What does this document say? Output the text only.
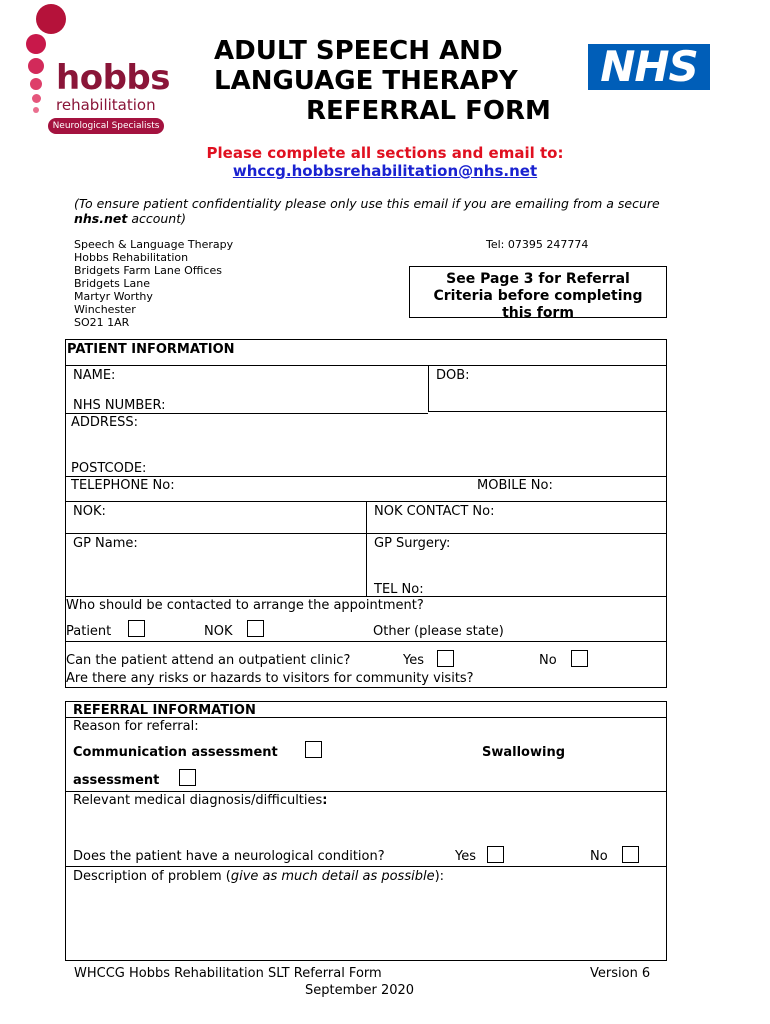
hobbs
rehabilitation
Neurological Specialists
ADULT SPEECH AND
LANGUAGE THERAPY
REFERRAL FORM
NHS
Please complete all sections and email to:
whccg.hobbsrehabilitation@nhs.net
(To ensure patient confidentiality please only use this email if you are emailing from a secure
nhs.net account)
Speech & Language Therapy
Hobbs Rehabilitation
Bridgets Farm Lane Offices
Bridgets Lane
Martyr Worthy
Winchester
SO21 1AR
Tel: 07395 247774
See Page 3 for Referral
Criteria before completing
this form
PATIENT INFORMATION
NAME:	DOB:
NHS NUMBER:
ADDRESS:
POSTCODE:
TELEPHONE No:	MOBILE No:
NOK:	NOK CONTACT No:
GP Name:	GP Surgery:
TEL No:
Who should be contacted to arrange the appointment?
Patient	NOK	Other (please state)
Can the patient attend an outpatient clinic?	Yes	No
Are there any risks or hazards to visitors for community visits?
REFERRAL INFORMATION
Reason for referral:
Communication assessment	Swallowing
assessment
Relevant medical diagnosis/difficulties:
Does the patient have a neurological condition?	Yes	No
Description of problem (give as much detail as possible):
WHCCG Hobbs Rehabilitation SLT Referral Form	Version 6
September 2020
